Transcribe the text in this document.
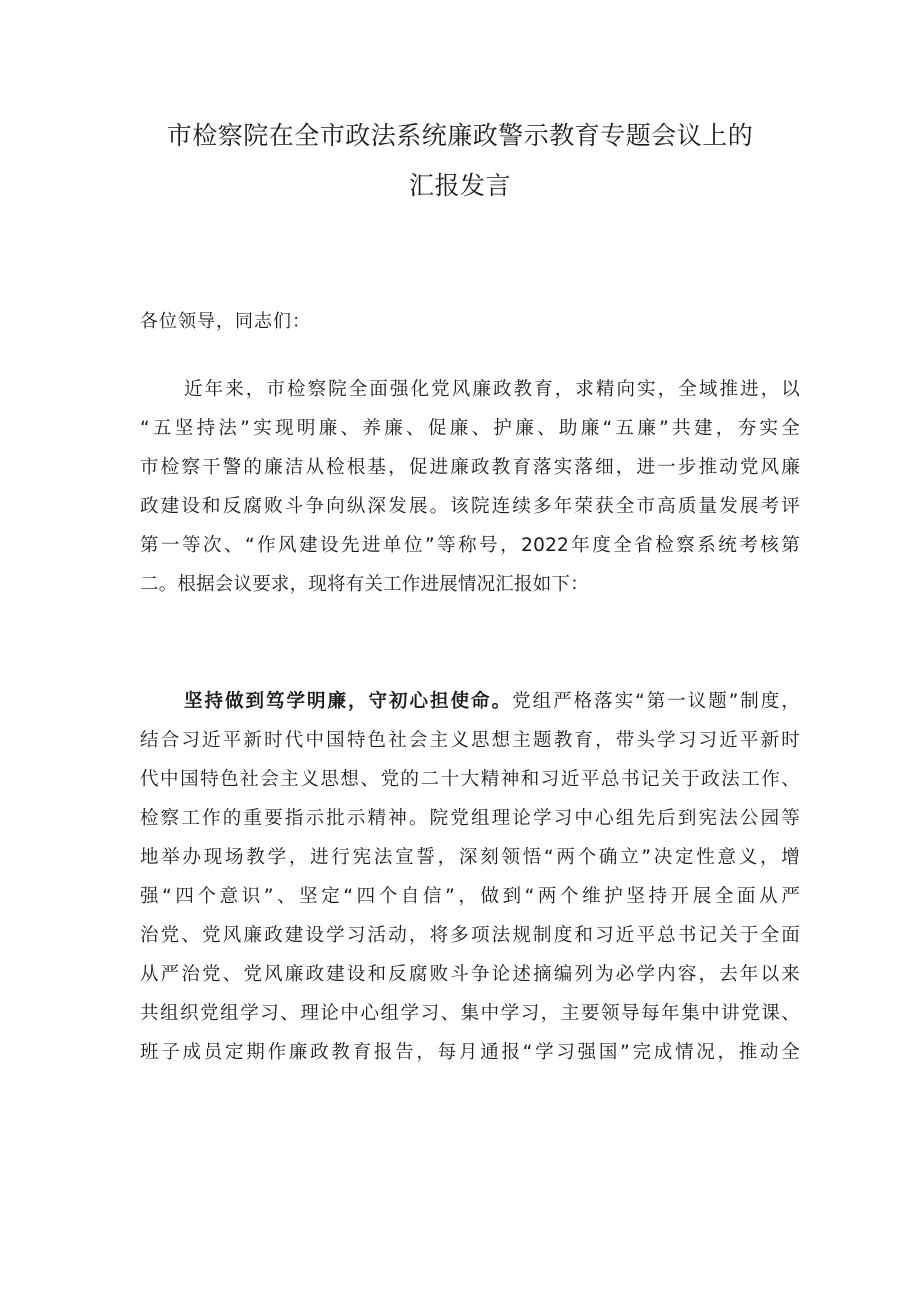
市检察院在全市政法系统廉政警示教育专题会议上的
汇报发言
各位领导，同志们：
近年来，市检察院全面强化党风廉政教育，求精向实，全域推进，以
“五坚持法”实现明廉、养廉、促廉、护廉、助廉“五廉”共建，夯实全
市检察干警的廉洁从检根基，促进廉政教育落实落细，进一步推动党风廉
政建设和反腐败斗争向纵深发展。该院连续多年荣获全市高质量发展考评
第一等次、“作风建设先进单位”等称号，2022年度全省检察系统考核第
二。根据会议要求，现将有关工作进展情况汇报如下：
坚持做到笃学明廉，守初心担使命。党组严格落实“第一议题”制度，
结合习近平新时代中国特色社会主义思想主题教育，带头学习习近平新时
代中国特色社会主义思想、党的二十大精神和习近平总书记关于政法工作、
检察工作的重要指示批示精神。院党组理论学习中心组先后到宪法公园等
地举办现场教学，进行宪法宣誓，深刻领悟“两个确立”决定性意义，增
强“四个意识”、坚定“四个自信”，做到“两个维护坚持开展全面从严
治党、党风廉政建设学习活动，将多项法规制度和习近平总书记关于全面
从严治党、党风廉政建设和反腐败斗争论述摘编列为必学内容，去年以来
共组织党组学习、理论中心组学习、集中学习，主要领导每年集中讲党课、
班子成员定期作廉政教育报告，每月通报“学习强国”完成情况，推动全
